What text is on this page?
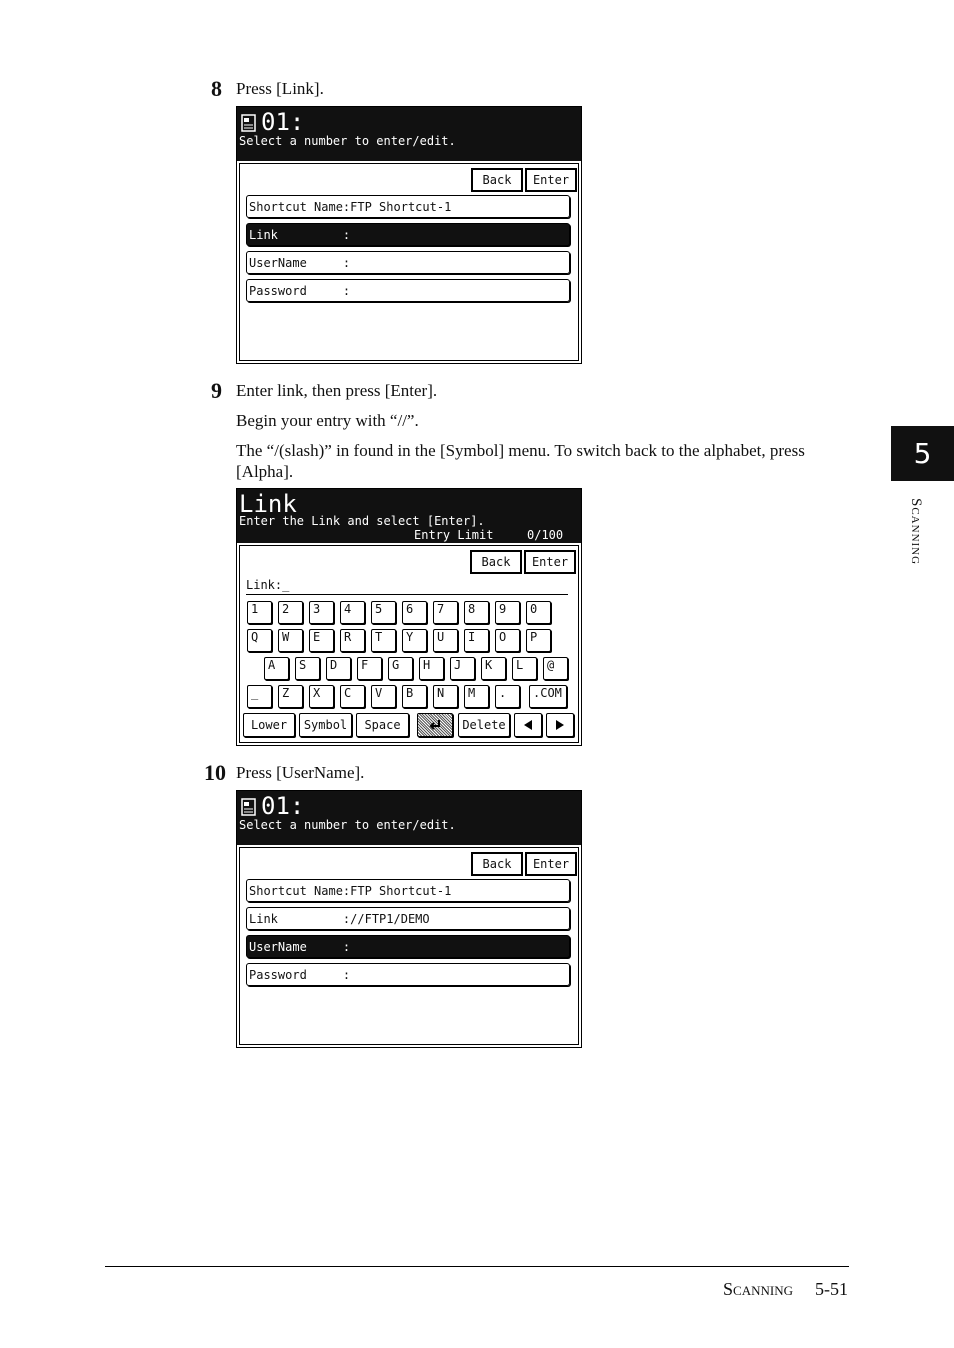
8 Press [Link].
01:
Select a number to enter/edit.
Back	Enter
Shortcut Name:FTP Shortcut-1
Link         :
UserName     :
Password     :
9 Enter link, then press [Enter].
Begin your entry with “//”.
The “/(slash)” in found in the [Symbol] menu. To switch back to the alphabet, press [Alpha].
Link
Enter the Link and select [Enter].
Entry Limit	0/100
Back	Enter
Link:_
1	2	3	4	5	6	7	8	9	0
Q	W	E	R	T	Y	U	I	O	P
A	S	D	F	G	H	J	K	L	@
_	Z	X	C	V	B	N	M	.	.COM
Lower	Symbol	Space	Delete
10 Press [UserName].
01:
Select a number to enter/edit.
Back	Enter
Shortcut Name:FTP Shortcut-1
Link         ://FTP1/DEMO
UserName     :
Password     :
5
Scanning
Scanning 5-51
